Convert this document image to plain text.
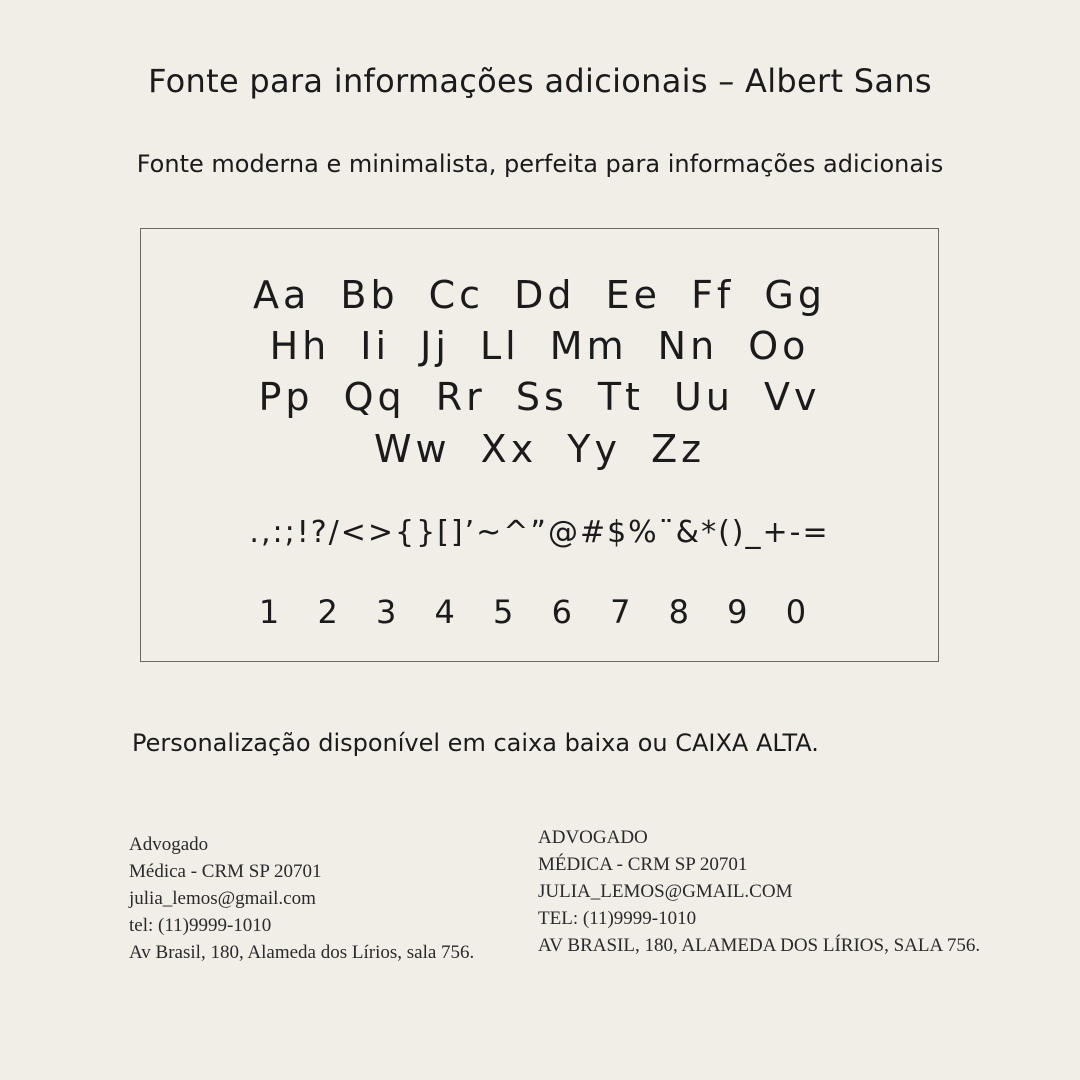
Fonte para informações adicionais – Albert Sans
Fonte moderna e minimalista, perfeita para informações adicionais
Aa Bb Cc Dd Ee Ff Gg
Hh Ii Jj Ll Mm Nn Oo
Pp Qq Rr Ss Tt Uu Vv
Ww Xx Yy Zz
.,:;!?/<>{}[]’~^”@#$%¨&*()_+-=
1 2 3 4 5 6 7 8 9 0
Personalização disponível em caixa baixa ou CAIXA ALTA.
Advogado
Médica - CRM SP 20701
julia_lemos@gmail.com
tel: (11)9999-1010
Av Brasil, 180, Alameda dos Lírios, sala 756.
ADVOGADO
MÉDICA - CRM SP 20701
JULIA_LEMOS@GMAIL.COM
TEL: (11)9999-1010
AV BRASIL, 180, ALAMEDA DOS LÍRIOS, SALA 756.
